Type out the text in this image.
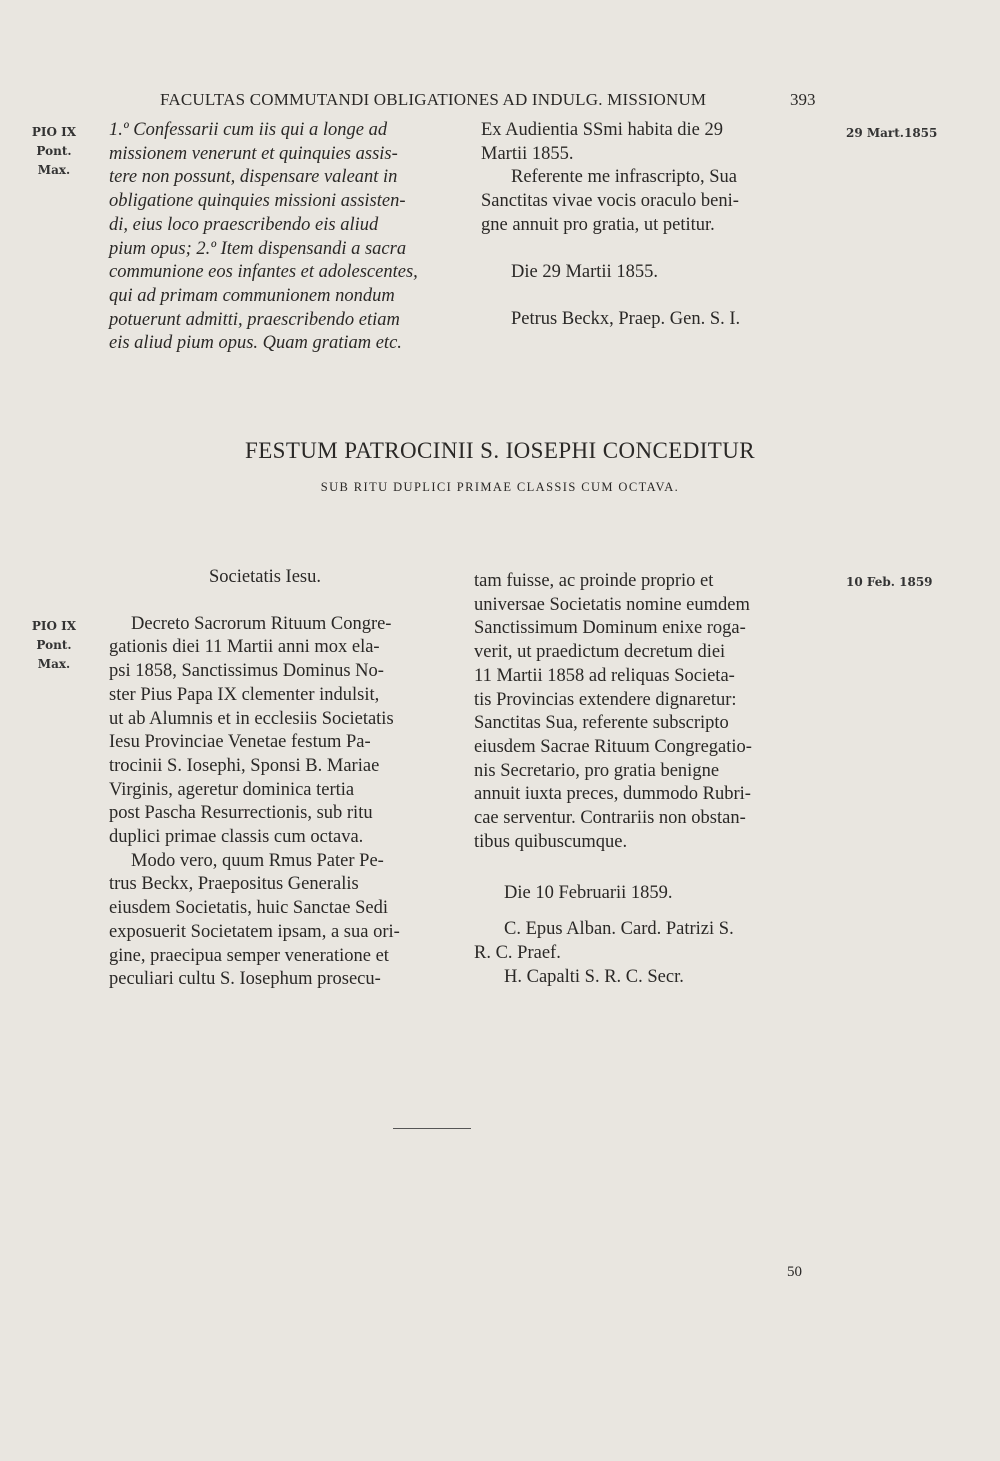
FACULTAS COMMUTANDI OBLIGATIONES AD INDULG. MISSIONUM	393
PIO IX
Pont. Max.
29 Mart.1855
1.º Confessarii cum iis qui a longe ad
missionem venerunt et quinquies assis-
tere non possunt, dispensare valeant in
obligatione quinquies missioni assisten-
di, eius loco praescribendo eis aliud
pium opus; 2.º Item dispensandi a sacra
communione eos infantes et adolescentes,
qui ad primam communionem nondum
potuerunt admitti, praescribendo etiam
eis aliud pium opus. Quam gratiam etc.
Ex Audientia SSmi habita die 29
Martii 1855.
Referente me infrascripto, Sua
Sanctitas vivae vocis oraculo beni-
gne annuit pro gratia, ut petitur.
Die 29 Martii 1855.
Petrus Beckx, Praep. Gen. S. I.
FESTUM PATROCINII S. IOSEPHI CONCEDITUR
SUB RITU DUPLICI PRIMAE CLASSIS CUM OCTAVA.
PIO IX
Pont. Max.
10 Feb. 1859
Societatis Iesu.
Decreto Sacrorum Rituum Congre-
gationis diei 11 Martii anni mox ela-
psi 1858, Sanctissimus Dominus No-
ster Pius Papa IX clementer indulsit,
ut ab Alumnis et in ecclesiis Societatis
Iesu Provinciae Venetae festum Pa-
trocinii S. Iosephi, Sponsi B. Mariae
Virginis, ageretur dominica tertia
post Pascha Resurrectionis, sub ritu
duplici primae classis cum octava.
Modo vero, quum Rmus Pater Pe-
trus Beckx, Praepositus Generalis
eiusdem Societatis, huic Sanctae Sedi
exposuerit Societatem ipsam, a sua ori-
gine, praecipua semper veneratione et
peculiari cultu S. Iosephum prosecu-
tam fuisse, ac proinde proprio et
universae Societatis nomine eumdem
Sanctissimum Dominum enixe roga-
verit, ut praedictum decretum diei
11 Martii 1858 ad reliquas Societa-
tis Provincias extendere dignaretur:
Sanctitas Sua, referente subscripto
eiusdem Sacrae Rituum Congregatio-
nis Secretario, pro gratia benigne
annuit iuxta preces, dummodo Rubri-
cae serventur. Contrariis non obstan-
tibus quibuscumque.
Die 10 Februarii 1859.
C. Epus Alban. Card. Patrizi S.
R. C. Praef.
H. Capalti S. R. C. Secr.
50
